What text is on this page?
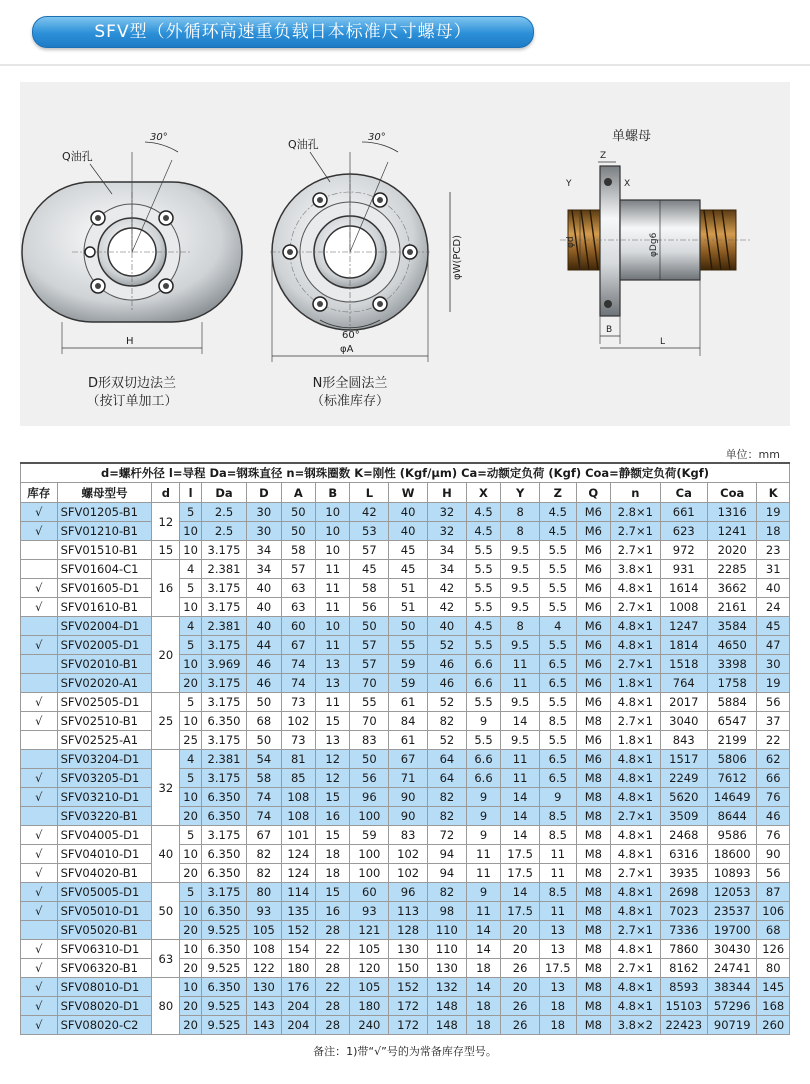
SFV型（外循环高速重负载日本标准尺寸螺母）
30°
Q油孔
H
30°
Q油孔
60°
φA
φW(PCD)
单螺母
Z
Y	X
φd	φDg6
B
L
D形双切边法兰
（按订单加工）
N形全圆法兰
（标准库存）
单位：mm
d=螺杆外径 l=导程 Da=钢珠直径 n=钢珠圈数 K=刚性 (Kgf/μm) Ca=动额定负荷 (Kgf) Coa=静额定负荷(Kgf)																		
库存	螺母型号	d	l	Da	D	A	B	L	W	H	X	Y	Z	Q	n	Ca	Coa	K
√	SFV01205-B1	12	5	2.5	30	50	10	42	40	32	4.5	8	4.5	M6	2.8×1	661	1316	19
√	SFV01210-B1		10	2.5	30	50	10	53	40	32	4.5	8	4.5	M6	2.7×1	623	1241	18
	SFV01510-B1	15	10	3.175	34	58	10	57	45	34	5.5	9.5	5.5	M6	2.7×1	972	2020	23
	SFV01604-C1	16	4	2.381	34	57	11	45	45	34	5.5	9.5	5.5	M6	3.8×1	931	2285	31
√	SFV01605-D1		5	3.175	40	63	11	58	51	42	5.5	9.5	5.5	M6	4.8×1	1614	3662	40
√	SFV01610-B1		10	3.175	40	63	11	56	51	42	5.5	9.5	5.5	M6	2.7×1	1008	2161	24
	SFV02004-D1	20	4	2.381	40	60	10	50	50	40	4.5	8	4	M6	4.8×1	1247	3584	45
√	SFV02005-D1		5	3.175	44	67	11	57	55	52	5.5	9.5	5.5	M6	4.8×1	1814	4650	47
	SFV02010-B1		10	3.969	46	74	13	57	59	46	6.6	11	6.5	M6	2.7×1	1518	3398	30
	SFV02020-A1		20	3.175	46	74	13	70	59	46	6.6	11	6.5	M6	1.8×1	764	1758	19
√	SFV02505-D1	25	5	3.175	50	73	11	55	61	52	5.5	9.5	5.5	M6	4.8×1	2017	5884	56
√	SFV02510-B1		10	6.350	68	102	15	70	84	82	9	14	8.5	M8	2.7×1	3040	6547	37
	SFV02525-A1		25	3.175	50	73	13	83	61	52	5.5	9.5	5.5	M6	1.8×1	843	2199	22
	SFV03204-D1	32	4	2.381	54	81	12	50	67	64	6.6	11	6.5	M6	4.8×1	1517	5806	62
√	SFV03205-D1		5	3.175	58	85	12	56	71	64	6.6	11	6.5	M8	4.8×1	2249	7612	66
√	SFV03210-D1		10	6.350	74	108	15	96	90	82	9	14	9	M8	4.8×1	5620	14649	76
	SFV03220-B1		20	6.350	74	108	16	100	90	82	9	14	8.5	M8	2.7×1	3509	8644	46
√	SFV04005-D1	40	5	3.175	67	101	15	59	83	72	9	14	8.5	M8	4.8×1	2468	9586	76
√	SFV04010-D1		10	6.350	82	124	18	100	102	94	11	17.5	11	M8	4.8×1	6316	18600	90
√	SFV04020-B1		20	6.350	82	124	18	100	102	94	11	17.5	11	M8	2.7×1	3935	10893	56
√	SFV05005-D1	50	5	3.175	80	114	15	60	96	82	9	14	8.5	M8	4.8×1	2698	12053	87
√	SFV05010-D1		10	6.350	93	135	16	93	113	98	11	17.5	11	M8	4.8×1	7023	23537	106
	SFV05020-B1		20	9.525	105	152	28	121	128	110	14	20	13	M8	2.7×1	7336	19700	68
√	SFV06310-D1	63	10	6.350	108	154	22	105	130	110	14	20	13	M8	4.8×1	7860	30430	126
√	SFV06320-B1		20	9.525	122	180	28	120	150	130	18	26	17.5	M8	2.7×1	8162	24741	80
√	SFV08010-D1	80	10	6.350	130	176	22	105	152	132	14	20	13	M8	4.8×1	8593	38344	145
√	SFV08020-D1		20	9.525	143	204	28	180	172	148	18	26	18	M8	4.8×1	15103	57296	168
√	SFV08020-C2		20	9.525	143	204	28	240	172	148	18	26	18	M8	3.8×2	22423	90719	260
备注：1)带“√”号的为常备库存型号。
